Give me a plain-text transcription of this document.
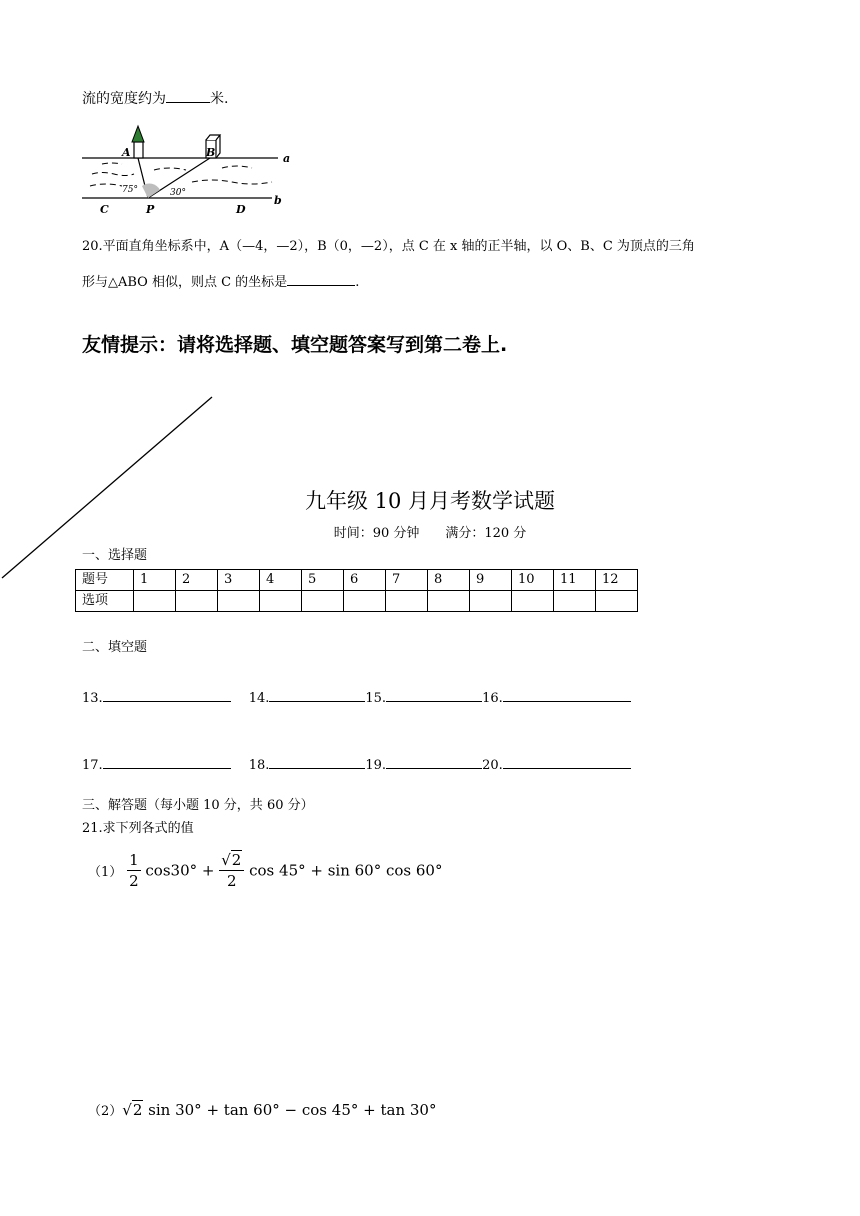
流的宽度约为	米.
A	B	a
b
C	P	D
75°	30°
20.平面直角坐标系中，A（—4，—2），B（0，—2），点 C 在 x 轴的正半轴，以 O、B、C 为顶点的三角
形与△ABO 相似，则点 C 的坐标是	.
友情提示：请将选择题、填空题答案写到第二卷上.
九年级 10 月月考数学试题
时间：90 分钟　　满分：120 分
一、选择题
题号	1	2	3	4	5	6	7	8	9	10	11	12
选项												
二、填空题
13.	14.	15.	16.
17.	18.	19.	20.
三、解答题（每小题 10 分，共 60 分）
21.求下列各式的值
$(1) \frac{1}{2} \cos 30^\circ + \frac{√2}{2}$ cos 45° + sin 60° cos 60°
（2）√2 sin 30° + tan 60° − cos 45° + tan 30°
